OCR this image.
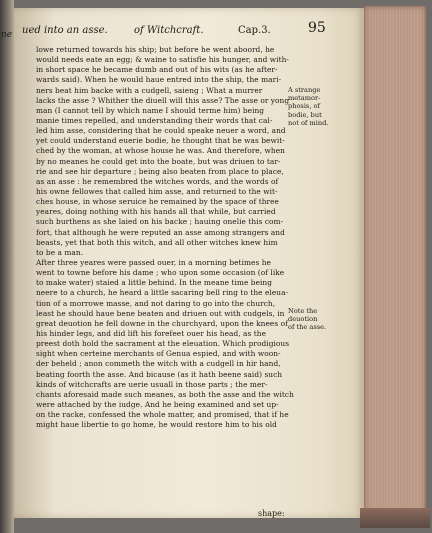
ne ued into an asse.	of Witchcraft.	Cap.3.	95
lowe returned towards his ship; but before he went aboord, he
would needs eate an egg; & waine to satisfie his hunger, and with-
in short space he became dumb and out of his wits (as he after-
wards said). When he would haue entred into the ship, the mari-
ners beat him backe with a cudgell, saieng ; What a murrer
lacks the asse ? Whither the diuell will this asse? The asse or yong
man (I cannot tell by which name I should terme him) being
manie times repelled, and understanding their words that cal-
led him asse, considering that he could speake neuer a word, and
yet could understand euerie bodie, he thought that he was bewit-
ched by the woman, at whose house he was. And therefore, when
by no meanes he could get into the boate, but was driuen to tar-
rie and see hir departure ; being also beaten from place to place,
as an asse : he remembred the witches words, and the words of
his owne fellowes that called him asse, and returned to the wit-
ches house, in whose seruice he remained by the space of three
yeares, doing nothing with his hands all that while, but carried
such burthens as she laied on his backe ; hauing onelie this com-
fort, that although he were reputed an asse among strangers and
beasts, yet that both this witch, and all other witches knew him
to be a man.
After three yeares were passed ouer, in a morning betimes he
went to towne before his dame ; who upon some occasion (of like
to make water) staied a little behind. In the meane time being
neere to a church, he heard a little sacaring bell ring to the eleua-
tion of a morrowe masse, and not daring to go into the church,
least he should haue bene beaten and driuen out with cudgels, in
great deuotion he fell downe in the churchyard, upon the knees of
his hinder legs, and did lift his forefeet ouer his head, as the
preest doth hold the sacrament at the eleuation. Which prodigious
sight when certeine merchants of Genua espied, and with woon-
der beheld ; anon commeth the witch with a cudgell in hir hand,
beating foorth the asse. And bicause (as it hath beene said) such
kinds of witchcrafts are uerie usuall in those parts ; the mer-
chants aforesaid made such meanes, as both the asse and the witch
were attached by the iudge. And he being examined and set up-
on the racke, confessed the whole matter, and promised, that if he
might haue libertie to go home, he would restore him to his old
A strange
metamor-
phosis, of
bodie, but
not of mind.
Note the
deuotion
of the asse.
shape:
